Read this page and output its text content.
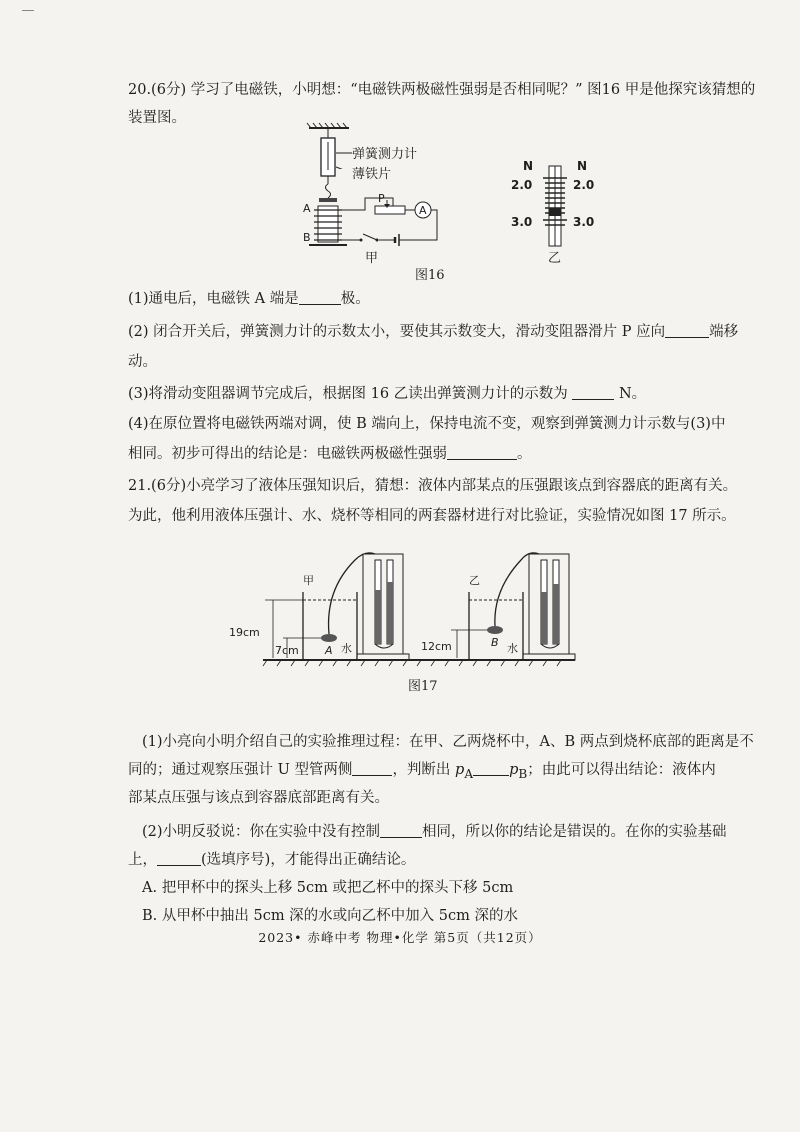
20.(6分) 学习了电磁铁，小明想：“电磁铁两极磁性强弱是否相同呢？” 图16 甲是他探究该猜想的
装置图。
A
B
P
A
弹簧测力计
薄铁片
甲
N	N
2.0	2.0
3.0	3.0
乙
图16
(1)通电后，电磁铁 A 端是	极。
(2) 闭合开关后，弹簧测力计的示数太小，要使其示数变大，滑动变阻器滑片 P 应向	端移
动。
(3)将滑动变阻器调节完成后，根据图 16 乙读出弹簧测力计的示数为	N。
(4)在原位置将电磁铁两端对调，使 B 端向上，保持电流不变，观察到弹簧测力计示数与(3)中
相同。初步可得出的结论是：电磁铁两极磁性强弱	。
21.(6分)小亮学习了液体压强知识后，猜想：液体内部某点的压强跟该点到容器底的距离有关。
为此，他利用液体压强计、水、烧杯等相同的两套器材进行对比验证，实验情况如图 17 所示。
甲	乙
19cm
7cm	12cm
A
B
水	水
图17
(1)小亮向小明介绍自己的实验推理过程：在甲、乙两烧杯中，A、B 两点到烧杯底部的距离是不
同的；通过观察压强计 U 型管两侧	，判断出 $p_A$ $p_B$；由此可以得出结论：液体内
部某点压强与该点到容器底部距离有关。
(2)小明反驳说：你在实验中没有控制	相同，所以你的结论是错误的。在你的实验基础
上，	(选填序号)，才能得出正确结论。
A. 把甲杯中的探头上移 5cm 或把乙杯中的探头下移 5cm
B. 从甲杯中抽出 5cm 深的水或向乙杯中加入 5cm 深的水
2023• 赤峰中考 物理•化学 第5页（共12页）
